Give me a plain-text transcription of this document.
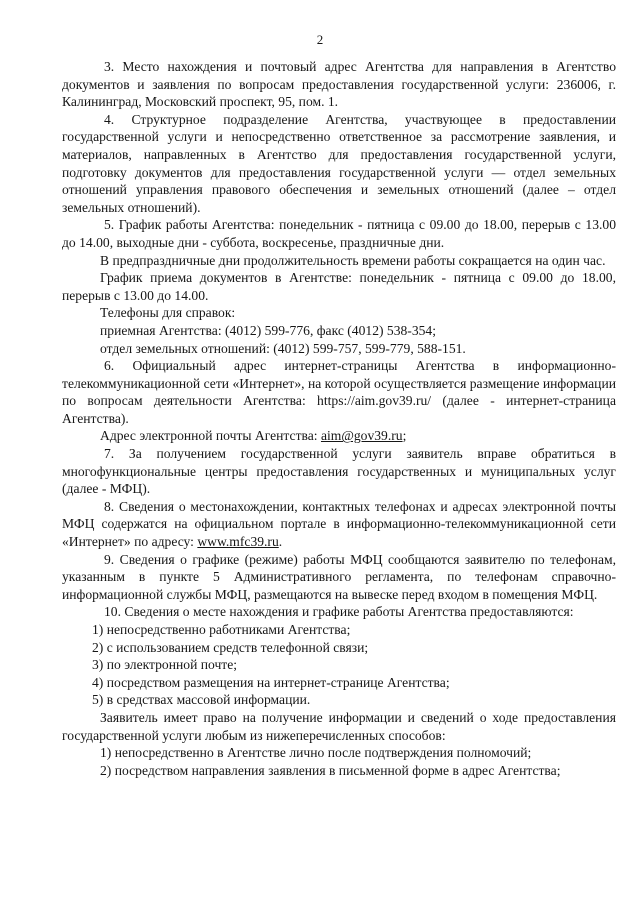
2

3. Место нахождения и почтовый адрес Агентства для направления в Агентство документов и заявления по вопросам предоставления государственной услуги: 236006, г. Калининград, Московский проспект, 95, пом. 1.

4. Структурное подразделение Агентства, участвующее в предоставлении государственной услуги и непосредственно ответственное за рассмотрение заявления, и материалов, направленных в Агентство для предоставления государственной услуги, подготовку документов для предоставления государственной услуги — отдел земельных отношений управления правового обеспечения и земельных отношений (далее – отдел земельных отношений).

5. График работы Агентства: понедельник - пятница с 09.00 до 18.00, перерыв с 13.00 до 14.00, выходные дни - суббота, воскресенье, праздничные дни.

В предпраздничные дни продолжительность времени работы сокращается на один час.

График приема документов в Агентстве: понедельник - пятница с 09.00 до 18.00, перерыв с 13.00 до 14.00.

Телефоны для справок:

приемная Агентства: (4012) 599-776, факс (4012) 538-354;

отдел земельных отношений: (4012) 599-757, 599-779, 588-151.

6. Официальный адрес интернет-страницы Агентства в информационно-телекоммуникационной сети «Интернет», на которой осуществляется размещение информации по вопросам деятельности Агентства: https://aim.gov39.ru/ (далее - интернет-страница Агентства).

Адрес электронной почты Агентства: aim@gov39.ru;

7. За получением государственной услуги заявитель вправе обратиться в многофункциональные центры предоставления государственных и муниципальных услуг (далее - МФЦ).

8. Сведения о местонахождении, контактных телефонах и адресах электронной почты МФЦ содержатся на официальном портале в информационно-телекоммуникационной сети «Интернет» по адресу: www.mfc39.ru.

9. Сведения о графике (режиме) работы МФЦ сообщаются заявителю по телефонам, указанным в пункте 5 Административного регламента, по телефонам справочно-информационной службы МФЦ, размещаются на вывеске перед входом в помещения МФЦ.

10. Сведения о месте нахождения и графике работы Агентства предоставляются:

1) непосредственно работниками Агентства;

2) с использованием средств телефонной связи;

3) по электронной почте;

4) посредством размещения на интернет-странице Агентства;

5) в средствах массовой информации.

Заявитель имеет право на получение информации и сведений о ходе предоставления государственной услуги любым из нижеперечисленных способов:

1) непосредственно в Агентстве лично после подтверждения полномочий;

2) посредством направления заявления в письменной форме в адрес Агентства;
